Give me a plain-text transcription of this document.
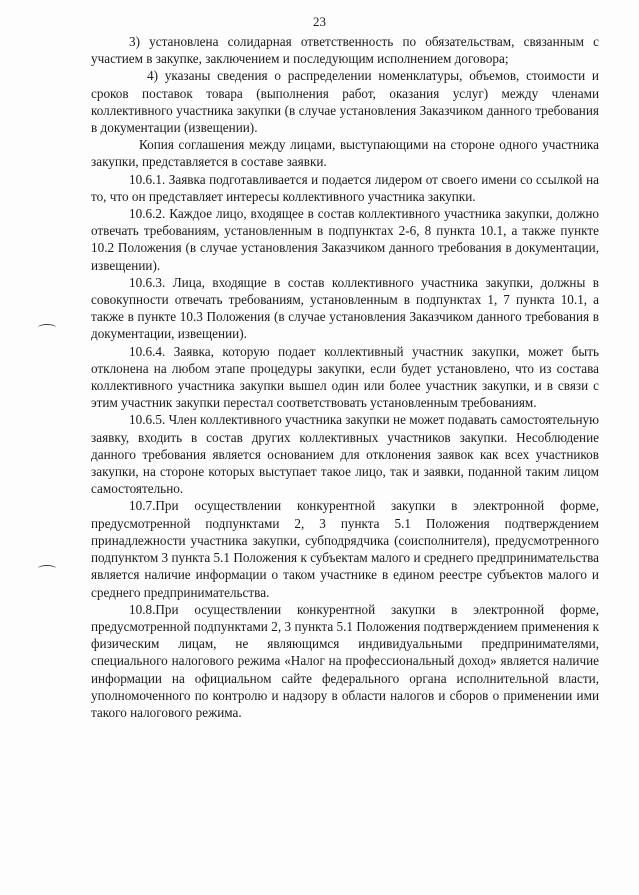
23

3) установлена солидарная ответственность по обязательствам, связанным с участием в закупке, заключением и последующим исполнением договора;

4) указаны сведения о распределении номенклатуры, объемов, стоимости и сроков поставок товара (выполнения работ, оказания услуг) между членами коллективного участника закупки (в случае установления Заказчиком данного требования в документации (извещении).

Копия соглашения между лицами, выступающими на стороне одного участника закупки, представляется в составе заявки.

10.6.1. Заявка подготавливается и подается лидером от своего имени со ссылкой на то, что он представляет интересы коллективного участника закупки.

10.6.2. Каждое лицо, входящее в состав коллективного участника закупки, должно отвечать требованиям, установленным в подпунктах 2-6, 8 пункта 10.1, а также пункте 10.2 Положения (в случае установления Заказчиком данного требования в документации, извещении).

10.6.3. Лица, входящие в состав коллективного участника закупки, должны в совокупности отвечать требованиям, установленным в подпунктах 1, 7 пункта 10.1, а также в пункте 10.3 Положения (в случае установления Заказчиком данного требования в документации, извещении).

10.6.4. Заявка, которую подает коллективный участник закупки, может быть отклонена на любом этапе процедуры закупки, если будет установлено, что из состава коллективного участника закупки вышел один или более участник закупки, и в связи с этим участник закупки перестал соответствовать установленным требованиям.

10.6.5. Член коллективного участника закупки не может подавать самостоятельную заявку, входить в состав других коллективных участников закупки. Несоблюдение данного требования является основанием для отклонения заявок как всех участников закупки, на стороне которых выступает такое лицо, так и заявки, поданной таким лицом самостоятельно.

10.7.При осуществлении конкурентной закупки в электронной форме, предусмотренной подпунктами 2, 3 пункта 5.1 Положения подтверждением принадлежности участника закупки, субподрядчика (соисполнителя), предусмотренного подпунктом 3 пункта 5.1 Положения к субъектам малого и среднего предпринимательства является наличие информации о таком участнике в едином реестре субъектов малого и среднего предпринимательства.

10.8.При осуществлении конкурентной закупки в электронной форме, предусмотренной подпунктами 2, 3 пункта 5.1 Положения подтверждением применения к физическим лицам, не являющимся индивидуальными предпринимателями, специального налогового режима «Налог на профессиональный доход» является наличие информации на официальном сайте федерального органа исполнительной власти, уполномоченного по контролю и надзору в области налогов и сборов о применении ими такого налогового режима.
